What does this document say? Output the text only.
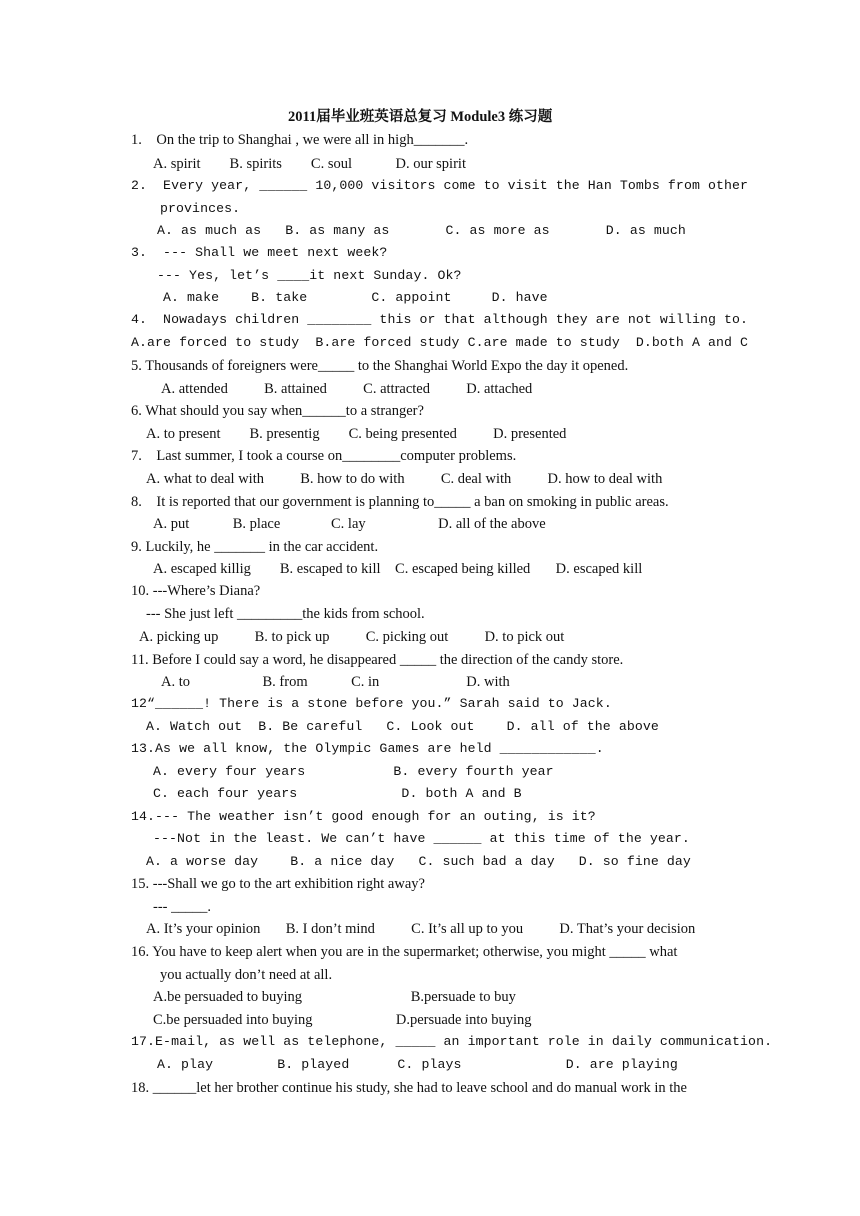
2011届毕业班英语总复习 Module3 练习题
1.    On the trip to Shanghai , we were all in high_______.
A. spirit        B. spirits        C. soul            D. our spirit
2.  Every year, ______ 10,000 visitors come to visit the Han Tombs from other
provinces.
A. as much as   B. as many as       C. as more as       D. as much
3.  --- Shall we meet next week?
--- Yes, let’s ____it next Sunday. Ok?
A. make    B. take        C. appoint     D. have
4.  Nowadays children ________ this or that although they are not willing to.
A.are forced to study  B.are forced study C.are made to study  D.both A and C
5. Thousands of foreigners were_____ to the Shanghai World Expo the day it opened.
A. attended          B. attained          C. attracted          D. attached
6. What should you say when______to a stranger?
A. to present        B. presentig        C. being presented          D. presented
7.    Last summer, I took a course on________computer problems.
A. what to deal with          B. how to do with          C. deal with          D. how to deal with
8.    It is reported that our government is planning to_____ a ban on smoking in public areas.
A. put            B. place              C. lay                    D. all of the above
9. Luckily, he _______ in the car accident.
A. escaped killig        B. escaped to kill    C. escaped being killed       D. escaped kill
10. ---Where’s Diana?
--- She just left _________the kids from school.
A. picking up          B. to pick up          C. picking out          D. to pick out
11. Before I could say a word, he disappeared _____ the direction of the candy store.
A. to                    B. from            C. in                        D. with
12“______! There is a stone before you.” Sarah said to Jack.
A. Watch out  B. Be careful   C. Look out    D. all of the above
13.As we all know, the Olympic Games are held ____________.
A. every four years           B. every fourth year
C. each four years             D. both A and B
14.--- The weather isn’t good enough for an outing, is it?
---Not in the least. We can’t have ______ at this time of the year.
A. a worse day    B. a nice day   C. such bad a day   D. so fine day
15. ---Shall we go to the art exhibition right away?
--- _____.
A. It’s your opinion       B. I don’t mind          C. It’s all up to you          D. That’s your decision
16. You have to keep alert when you are in the supermarket; otherwise, you might _____ what
you actually don’t need at all.
A.be persuaded to buying                              B.persuade to buy
C.be persuaded into buying                       D.persuade into buying
17.E-mail, as well as telephone, _____ an important role in daily communication.
A. play        B. played      C. plays             D. are playing
18. ______let her brother continue his study, she had to leave school and do manual work in the
